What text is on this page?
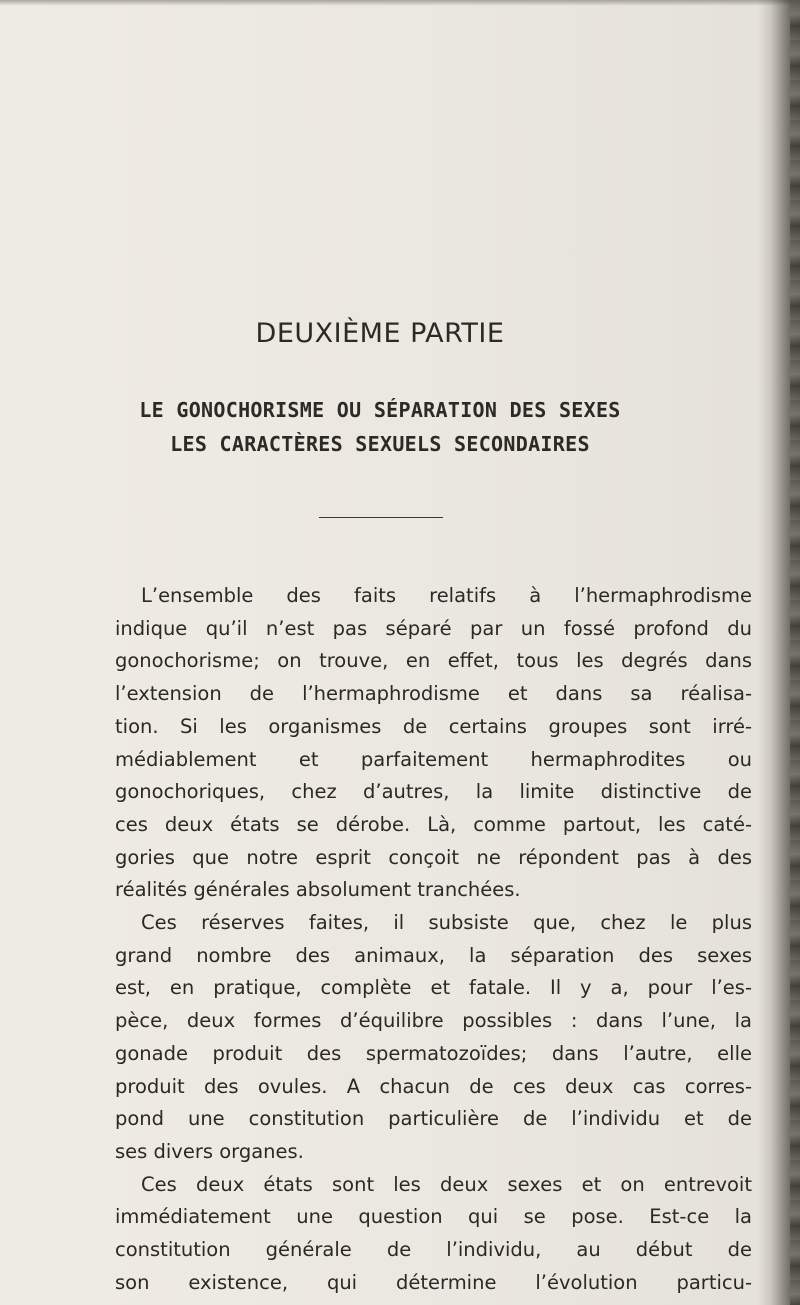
DEUXIÈME PARTIE
LE GONOCHORISME OU SÉPARATION DES SEXES
LES CARACTÈRES SEXUELS SECONDAIRES
L’ensemble des faits relatifs à l’hermaphrodisme
indique qu’il n’est pas séparé par un fossé profond du
gonochorisme; on trouve, en effet, tous les degrés dans
l’extension de l’hermaphrodisme et dans sa réalisa-
tion. Si les organismes de certains groupes sont irré-
médiablement et parfaitement hermaphrodites ou
gonochoriques, chez d’autres, la limite distinctive de
ces deux états se dérobe. Là, comme partout, les caté-
gories que notre esprit conçoit ne répondent pas à des
réalités générales absolument tranchées.
Ces réserves faites, il subsiste que, chez le plus
grand nombre des animaux, la séparation des sexes
est, en pratique, complète et fatale. Il y a, pour l’es-
pèce, deux formes d’équilibre possibles : dans l’une, la
gonade produit des spermatozoïdes; dans l’autre, elle
produit des ovules. A chacun de ces deux cas corres-
pond une constitution particulière de l’individu et de
ses divers organes.
Ces deux états sont les deux sexes et on entrevoit
immédiatement une question qui se pose. Est-ce la
constitution générale de l’individu, au début de
son existence, qui détermine l’évolution particu-
